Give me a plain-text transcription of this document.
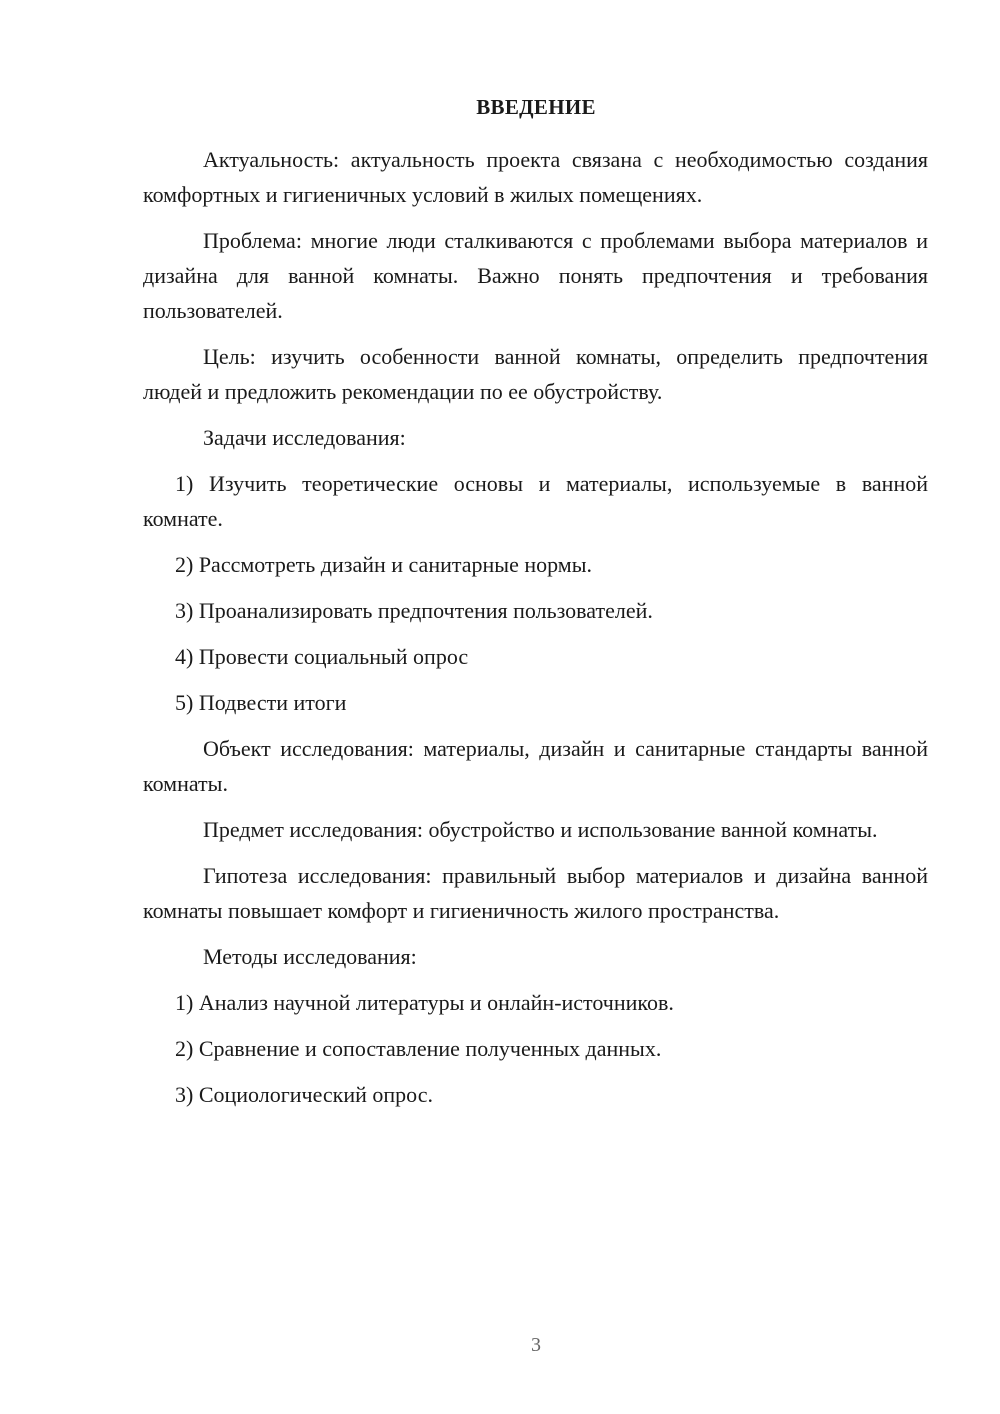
ВВЕДЕНИЕ

Актуальность: актуальность проекта связана с необходимостью создания комфортных и гигиеничных условий в жилых помещениях.

Проблема: многие люди сталкиваются с проблемами выбора материалов и дизайна для ванной комнаты. Важно понять предпочтения и требования пользователей.

Цель: изучить особенности ванной комнаты, определить предпочтения людей и предложить рекомендации по ее обустройству.

Задачи исследования:

1) Изучить теоретические основы и материалы, используемые в ванной комнате.

2) Рассмотреть дизайн и санитарные нормы.

3) Проанализировать предпочтения пользователей.

4) Провести социальный опрос

5) Подвести итоги

Объект исследования: материалы, дизайн и санитарные стандарты ванной комнаты.

Предмет исследования: обустройство и использование ванной комнаты.

Гипотеза исследования: правильный выбор материалов и дизайна ванной комнаты повышает комфорт и гигиеничность жилого пространства.

Методы исследования:

1) Анализ научной литературы и онлайн-источников.

2) Сравнение и сопоставление полученных данных.

3) Социологический опрос.

3
